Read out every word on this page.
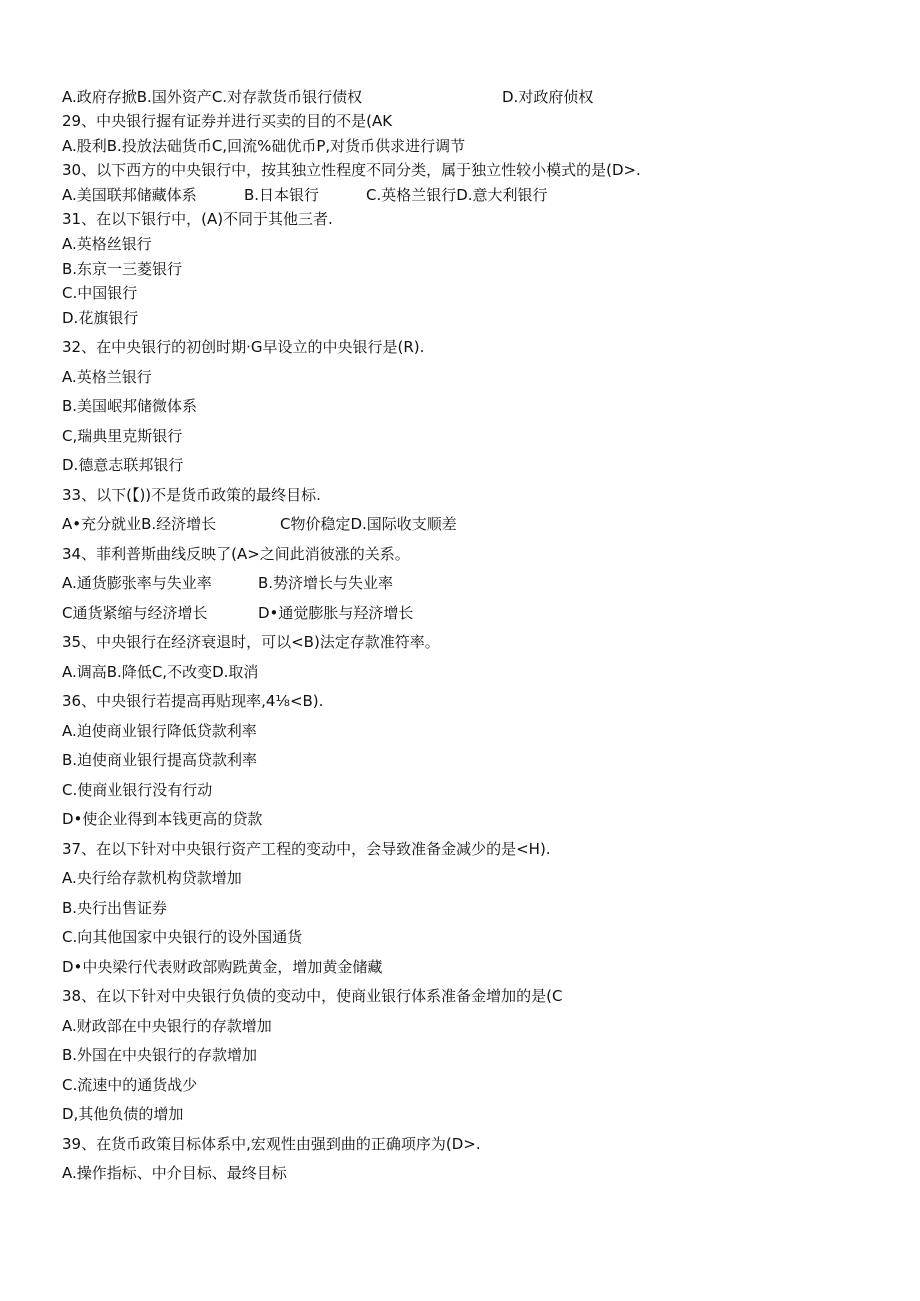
A.政府存掀B.国外资产C.对存款货币银行债权	D.对政府侦权
29、中央银行握有证券并进行买卖的目的不是(AK
A.股利B.投放法础货币C,回流%础优币P,对货币供求进行调节
30、以下西方的中央银行中，按其独立性程度不同分类，属于独立性较小模式的是(D>.
A.美国联邦储藏体系	B.日本银行	C.英格兰银行D.意大利银行
31、在以下银行中，(A)不同于其他三者.
A.英格丝银行
B.东京一三菱银行
C.中国银行
D.花旗银行
32、在中央银行的初创时期·G早设立的中央银行是(R).
A.英格兰银行
B.美国岷邦储微体系
C,瑞典里克斯银行
D.德意志联邦银行
33、以下(【))不是货币政策的最终目标.
A•充分就业B.经济增长	C物价稳定D.国际收支顺差
34、菲利普斯曲线反映了(A>之间此消彼涨的关系。
A.通货膨张率与失业率	B.势济增长与失业率
C通货紧缩与经济增长	D•通觉膨胀与羟济增长
35、中央银行在经济衰退时，可以<B)法定存款准符率。
A.调高B.降低C,不改变D.取消
36、中央银行若提高再贴现率,4⅛<B).
A.迫使商业银行降低贷款利率
B.迫使商业银行提高贷款利率
C.使商业银行没有行动
D•使企业得到本钱更高的贷款
37、在以下针对中央银行资产工程的变动中，会导致准备金减少的是<H).
A.央行给存款机构贷款增加
B.央行出售证券
C.向其他国家中央银行的设外国通货
D•中央梁行代表财政部购跣黄金，增加黄金储藏
38、在以下针对中央银行负债的变动中，使商业银行体系准备金增加的是(C
A.财政部在中央银行的存款增加
B.外国在中央银行的存款增加
C.流速中的通货战少
D,其他负债的增加
39、在货币政策目标体系中,宏观性由强到曲的正确项序为(D>.
A.操作指标、中介目标、最终目标
